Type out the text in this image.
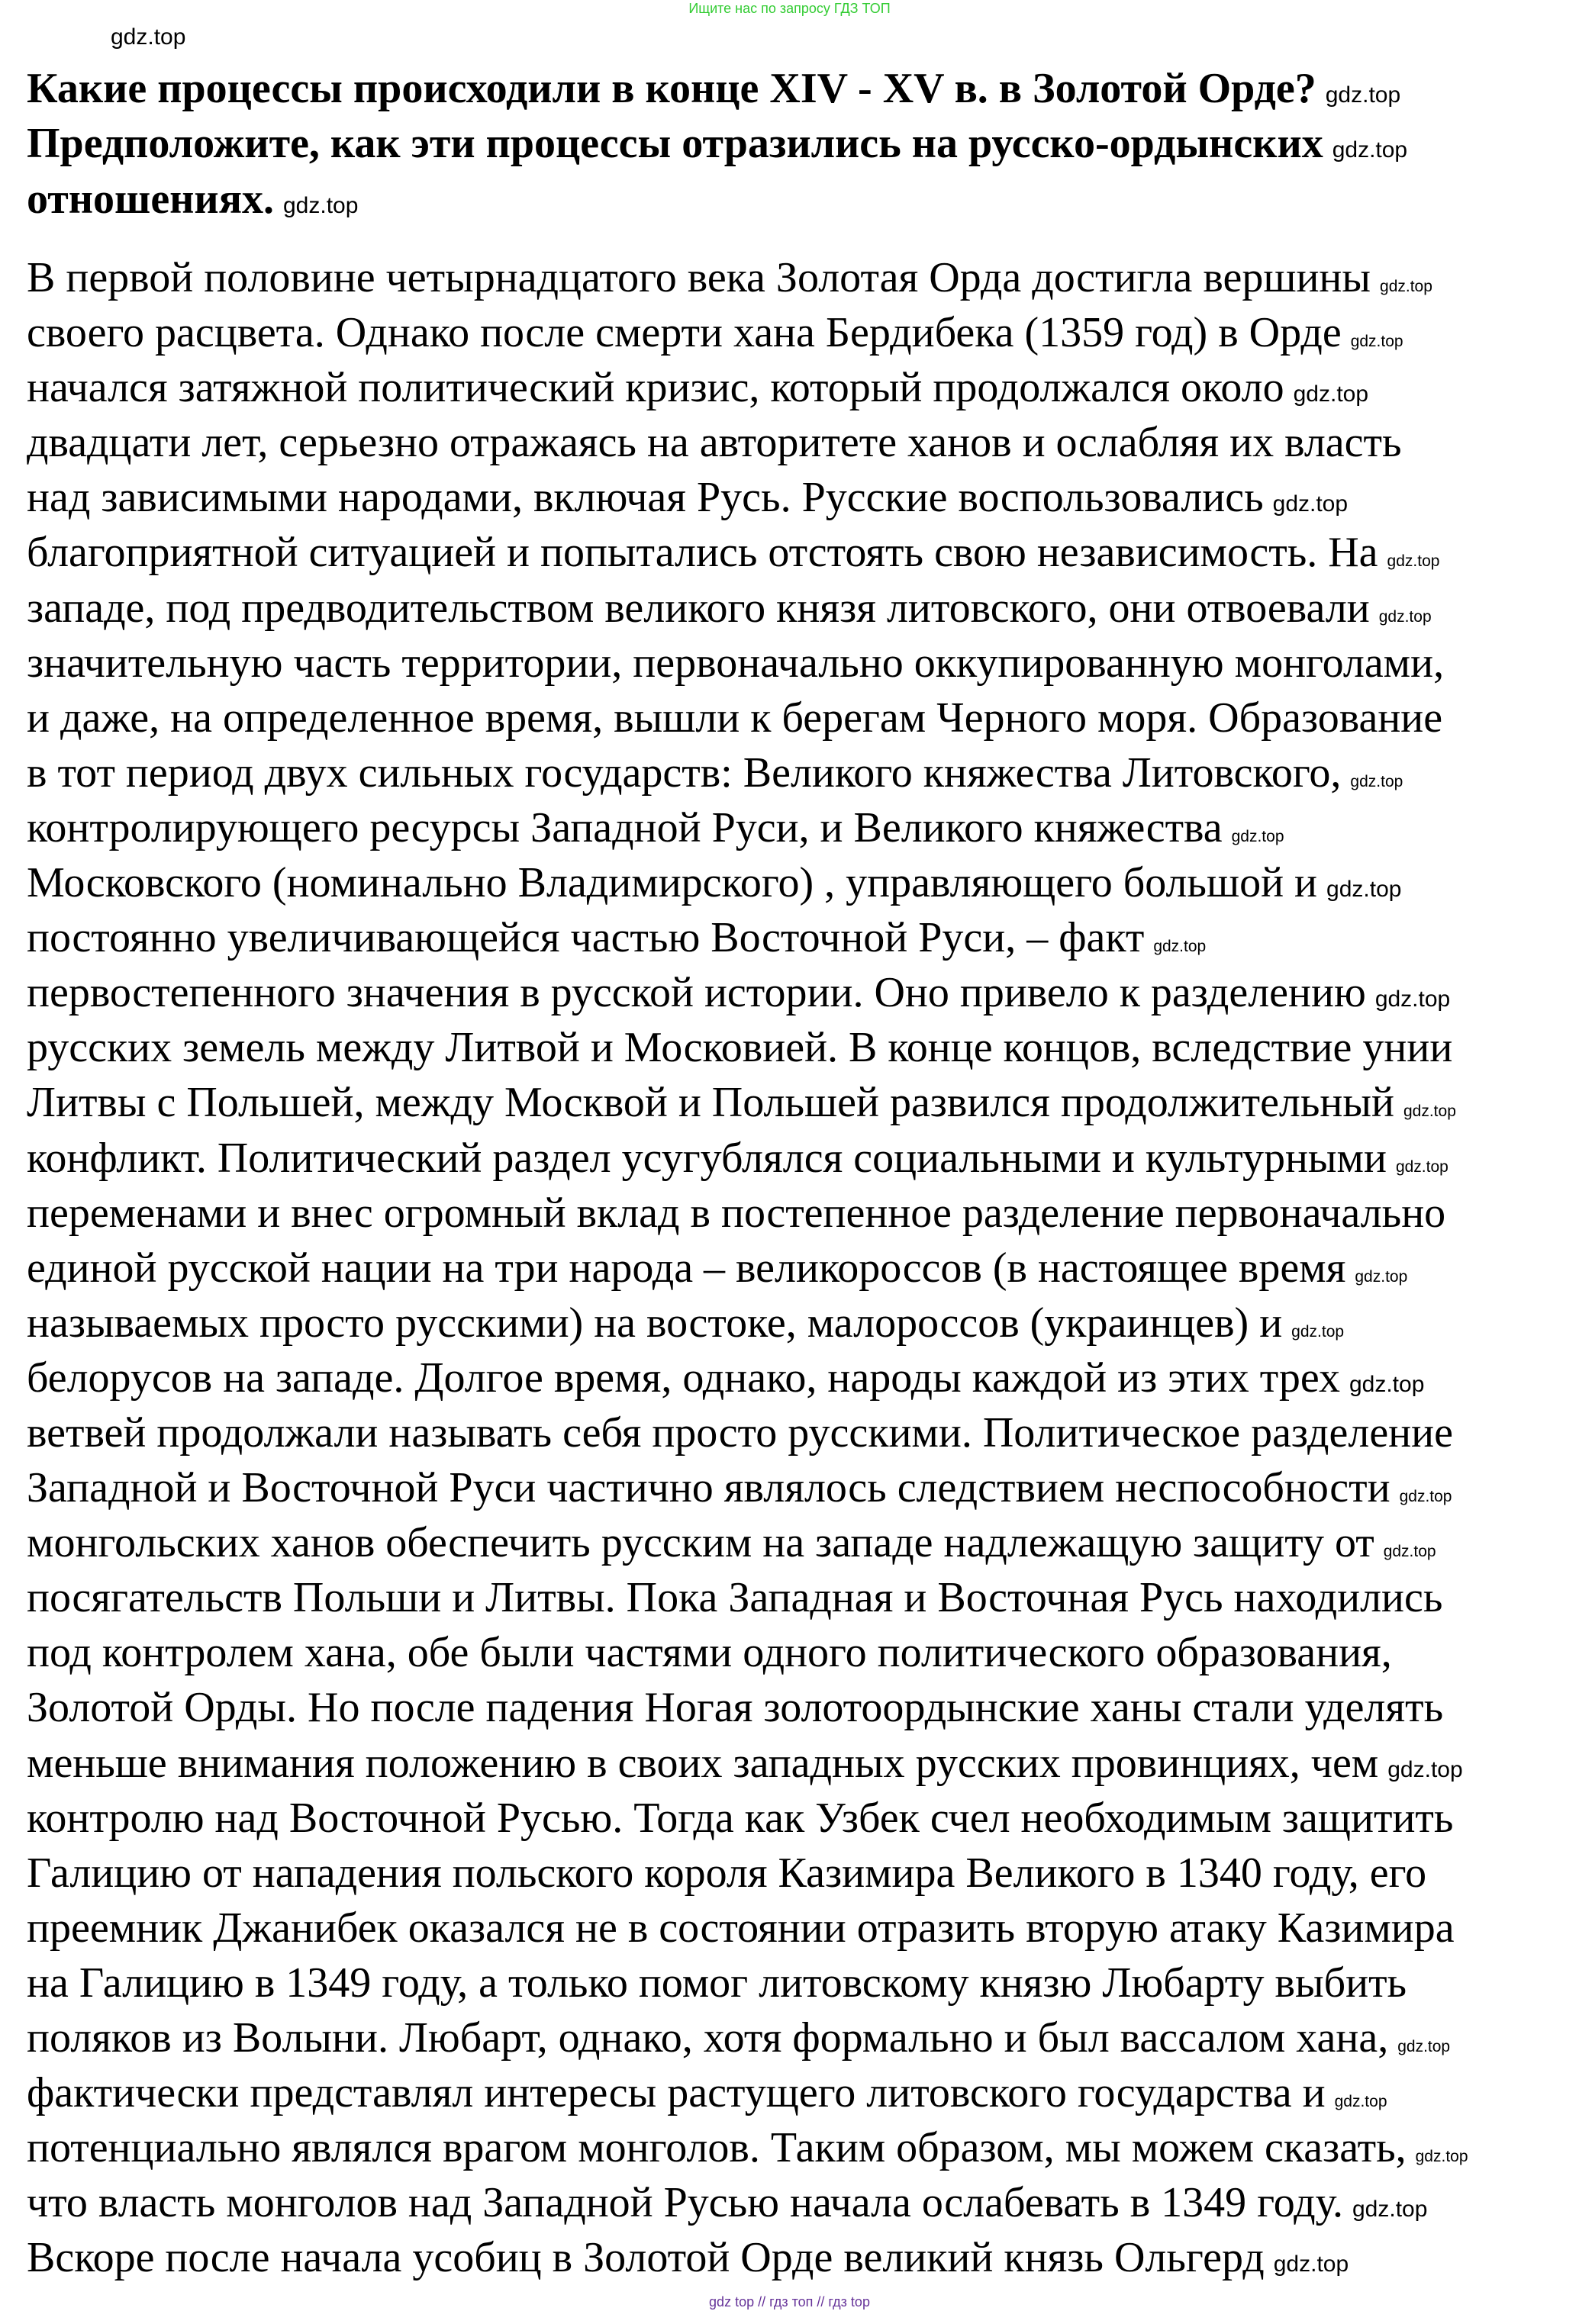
Ищите нас по запросу ГДЗ ТОП
gdz.top
Какие процессы происходили в конце XIV - XV в. в Золотой Орде? gdz.top
Предположите, как эти процессы отразились на русско-ордынских gdz.top
отношениях. gdz.top
В первой половине четырнадцатого века Золотая Орда достигла вершины gdz.top
своего расцвета. Однако после смерти хана Бердибека (1359 год) в Орде gdz.top
начался затяжной политический кризис, который продолжался около gdz.top
двадцати лет, серьезно отражаясь на авторитете ханов и ослабляя их власть
над зависимыми народами, включая Русь. Русские воспользовались gdz.top
благоприятной ситуацией и попытались отстоять свою независимость. На gdz.top
западе, под предводительством великого князя литовского, они отвоевали gdz.top
значительную часть территории, первоначально оккупированную монголами,
и даже, на определенное время, вышли к берегам Черного моря. Образование
в тот период двух сильных государств: Великого княжества Литовского, gdz.top
контролирующего ресурсы Западной Руси, и Великого княжества gdz.top
Московского (номинально Владимирского) , управляющего большой и gdz.top
постоянно увеличивающейся частью Восточной Руси, – факт gdz.top
первостепенного значения в русской истории. Оно привело к разделению gdz.top
русских земель между Литвой и Московией. В конце концов, вследствие унии
Литвы с Польшей, между Москвой и Польшей развился продолжительный gdz.top
конфликт. Политический раздел усугублялся социальными и культурными gdz.top
переменами и внес огромный вклад в постепенное разделение первоначально
единой русской нации на три народа – великороссов (в настоящее время gdz.top
называемых просто русскими) на востоке, малороссов (украинцев) и gdz.top
белорусов на западе. Долгое время, однако, народы каждой из этих трех gdz.top
ветвей продолжали называть себя просто русскими. Политическое разделение
Западной и Восточной Руси частично являлось следствием неспособности gdz.top
монгольских ханов обеспечить русским на западе надлежащую защиту от gdz.top
посягательств Польши и Литвы. Пока Западная и Восточная Русь находились
под контролем хана, обе были частями одного политического образования,
Золотой Орды. Но после падения Ногая золотоордынские ханы стали уделять
меньше внимания положению в своих западных русских провинциях, чем gdz.top
контролю над Восточной Русью. Тогда как Узбек счел необходимым защитить
Галицию от нападения польского короля Казимира Великого в 1340 году, его
преемник Джанибек оказался не в состоянии отразить вторую атаку Казимира
на Галицию в 1349 году, а только помог литовскому князю Любарту выбить
поляков из Волыни. Любарт, однако, хотя формально и был вассалом хана, gdz.top
фактически представлял интересы растущего литовского государства и gdz.top
потенциально являлся врагом монголов. Таким образом, мы можем сказать, gdz.top
что власть монголов над Западной Русью начала ослабевать в 1349 году. gdz.top
Вскоре после начала усобиц в Золотой Орде великий князь Ольгерд gdz.top
gdz top // гдз топ // гдз top
